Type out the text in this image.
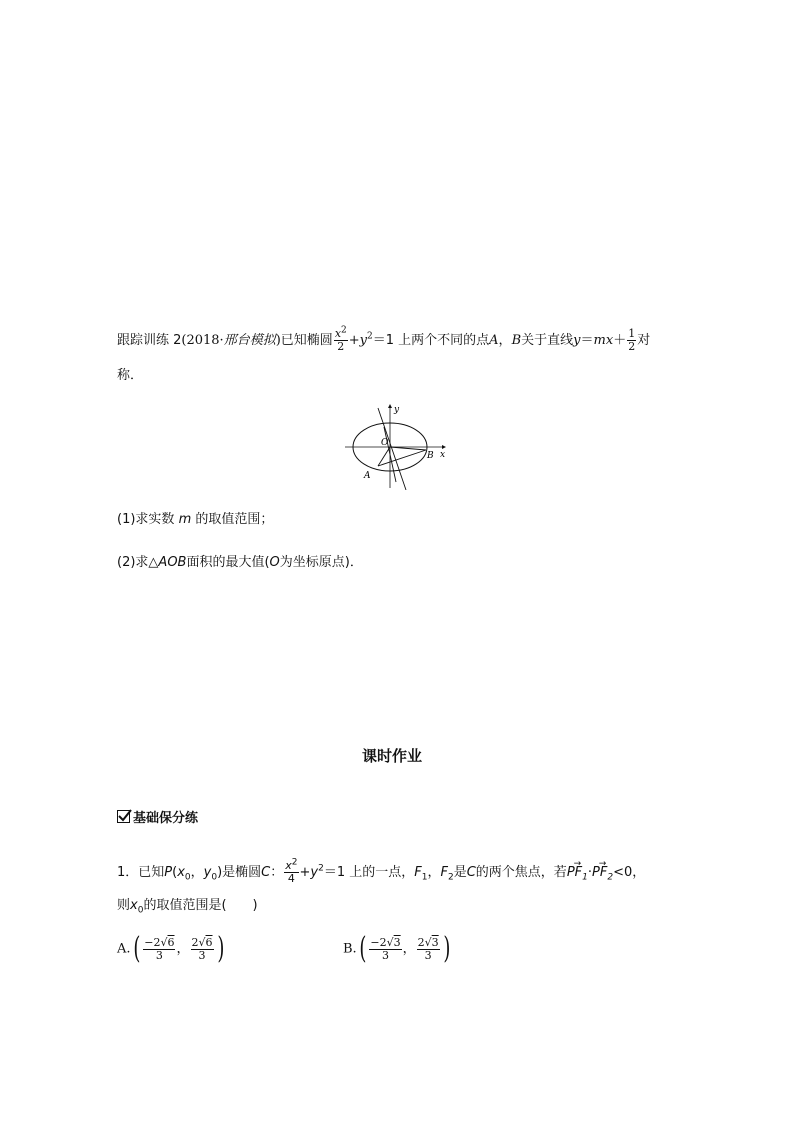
跟踪训练 2(2018·邢台模拟)已知椭圆 $\frac{x^2}{2} +y^2=1$ 上两个不同的点A，B关于直线$y=mx+ \frac{1}{2}$ 对
称．
y
x
O
A
B
(1)求实数 m 的取值范围；
(2)求△AOB面积的最大值(O为坐标原点)．
课时作业
基础保分练
1．已知$P(x_0$，$y_0$)是椭圆C： $\frac{x^2}{4} +y^2=1$ 上的一点，$F_1$，$F_2$是C的两个焦点，若→ $PF_1\cdot\to PF_2<0$，
则$x_0$的取值范围是(　　)
$A.( \frac{-2√6}{3}$ ， $\frac{2√6}{3}$ )	$B.( \frac{-2√3}{3}$ ， $\frac{2√3}{3}$ )
